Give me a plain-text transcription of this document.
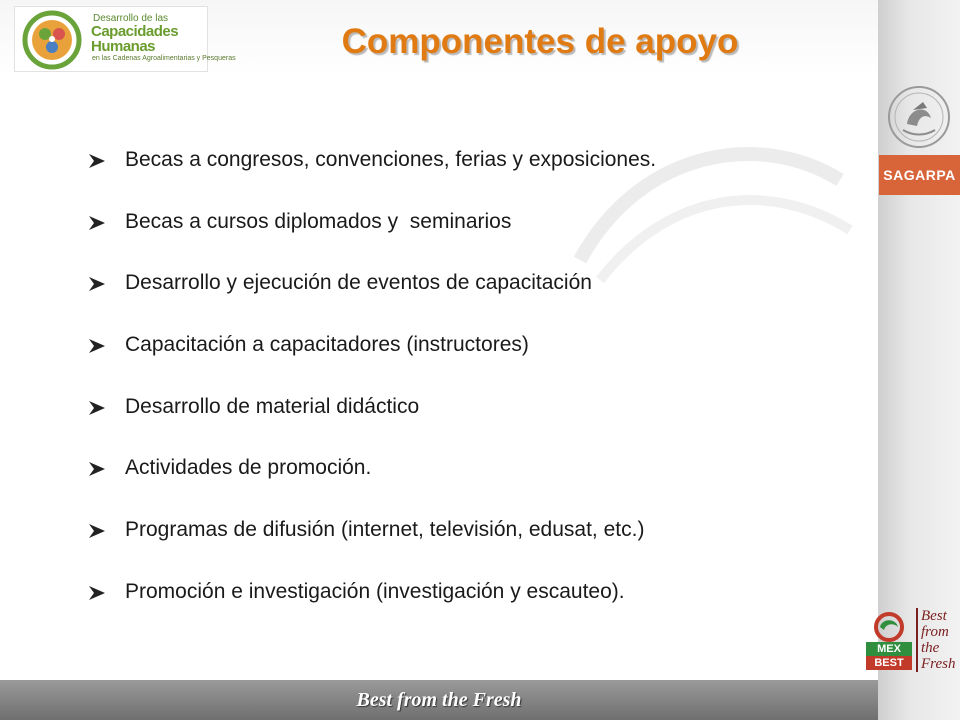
Desarrollo de las
Capacidades Humanas
en las Cadenas Agroalimentarias y Pesqueras	Componentes de apoyo
SAGARPA
Becas a congresos, convenciones, ferias y exposiciones.
Becas a cursos diplomados y  seminarios
Desarrollo y ejecución de eventos de capacitación
Capacitación a capacitadores (instructores)
Desarrollo de material didáctico
Actividades de promoción.
Programas de difusión (internet, televisión, edusat, etc.)
Promoción e investigación (investigación y escauteo).
MEX
BEST
Best
from
the
Fresh
Best from the Fresh
